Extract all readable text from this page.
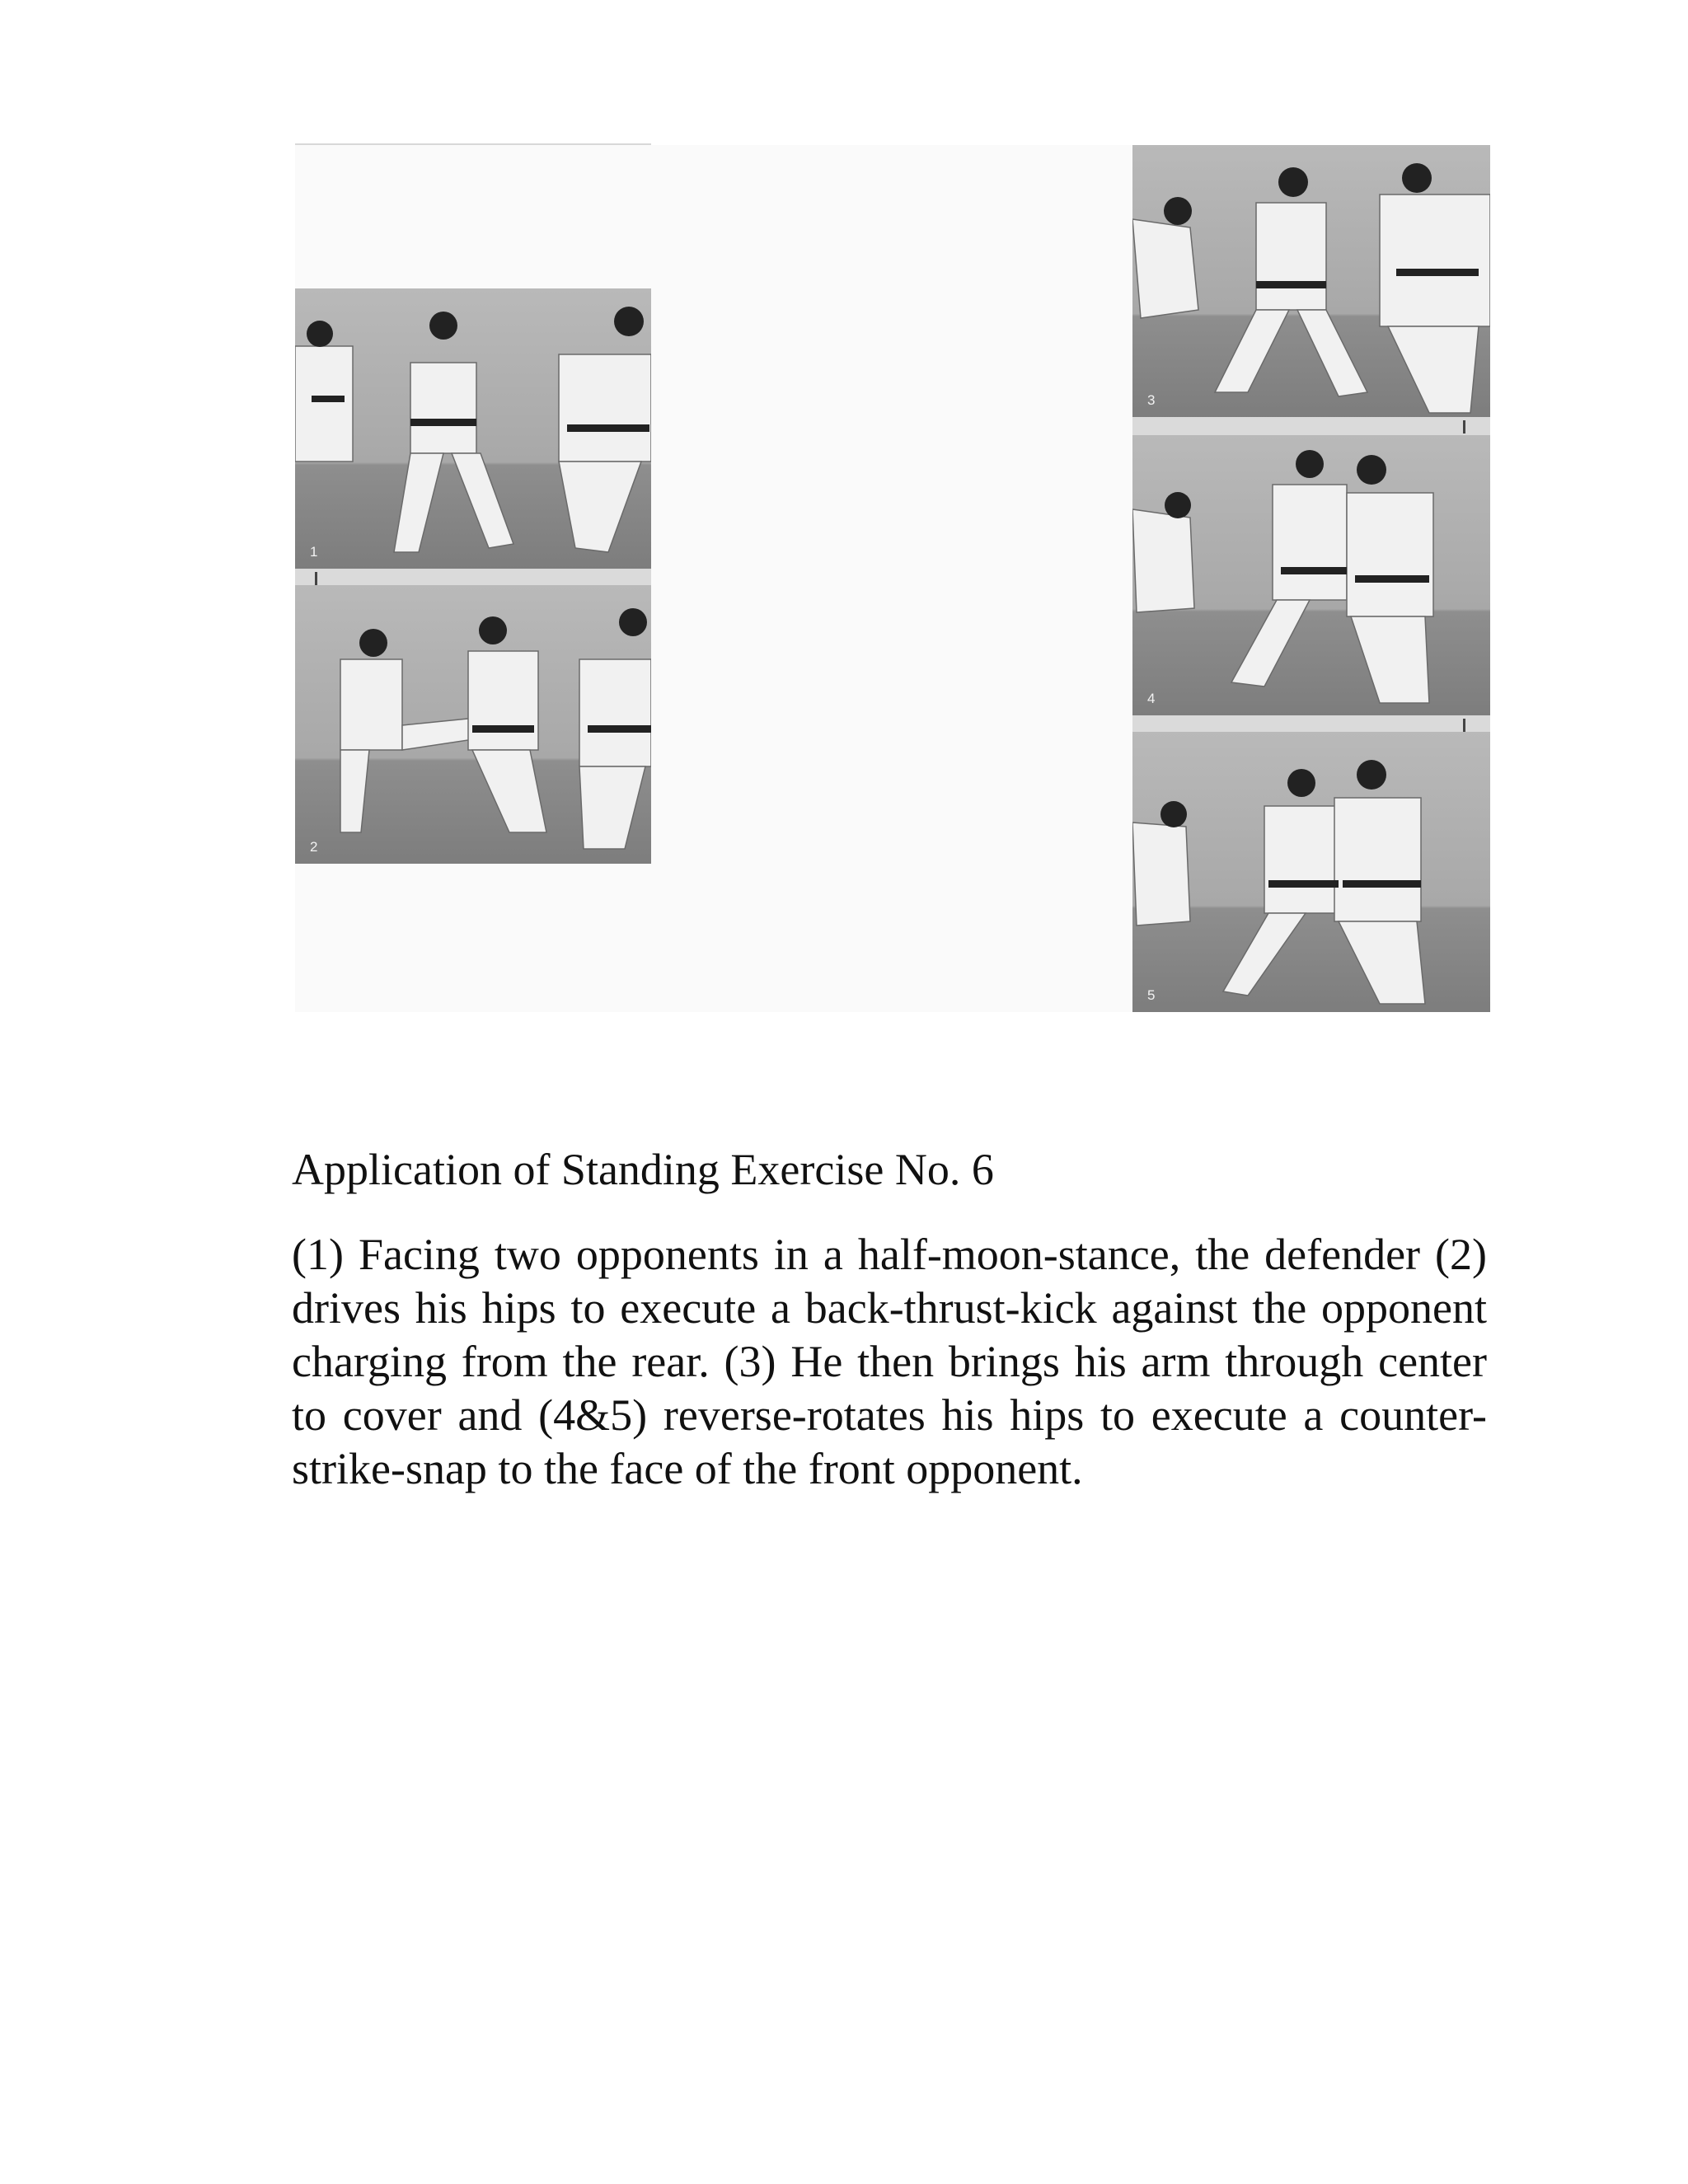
1
2
3
4
5
Application of Standing Exercise No. 6

(1) Facing two opponents in a half-moon-stance, the defender (2) drives his hips to execute a back-thrust-kick against the opponent charging from the rear. (3) He then brings his arm through center to cover and (4&5) reverse-rotates his hips to execute a counter-strike-snap to the face of the front opponent.
